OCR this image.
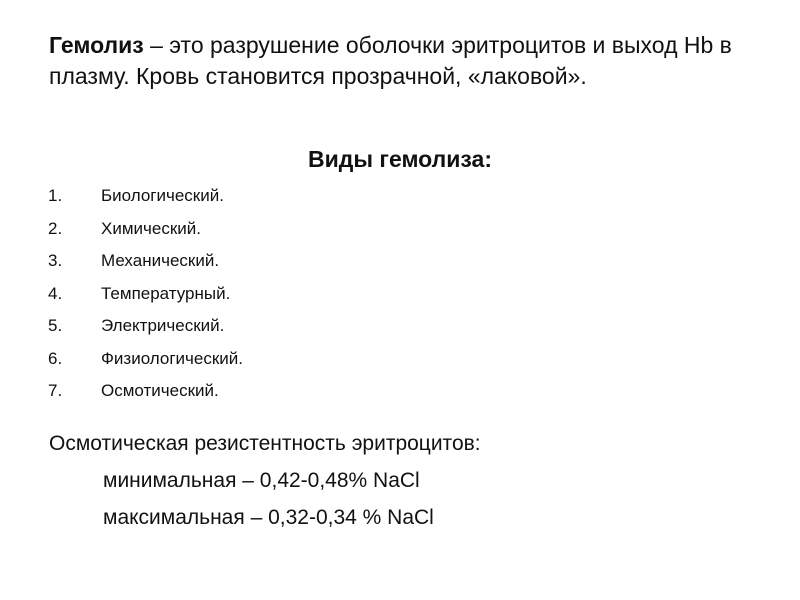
Гемолиз – это разрушение оболочки эритроцитов и выход Hb в плазму. Кровь становится прозрачной, «лаковой».

Виды гемолиза:
1. Биологический.
2. Химический.
3. Механический.
4. Температурный.
5. Электрический.
6. Физиологический.
7. Осмотический.

Осмотическая резистентность эритроцитов:

минимальная – 0,42-0,48% NaCl

максимальная – 0,32-0,34 % NaCl
